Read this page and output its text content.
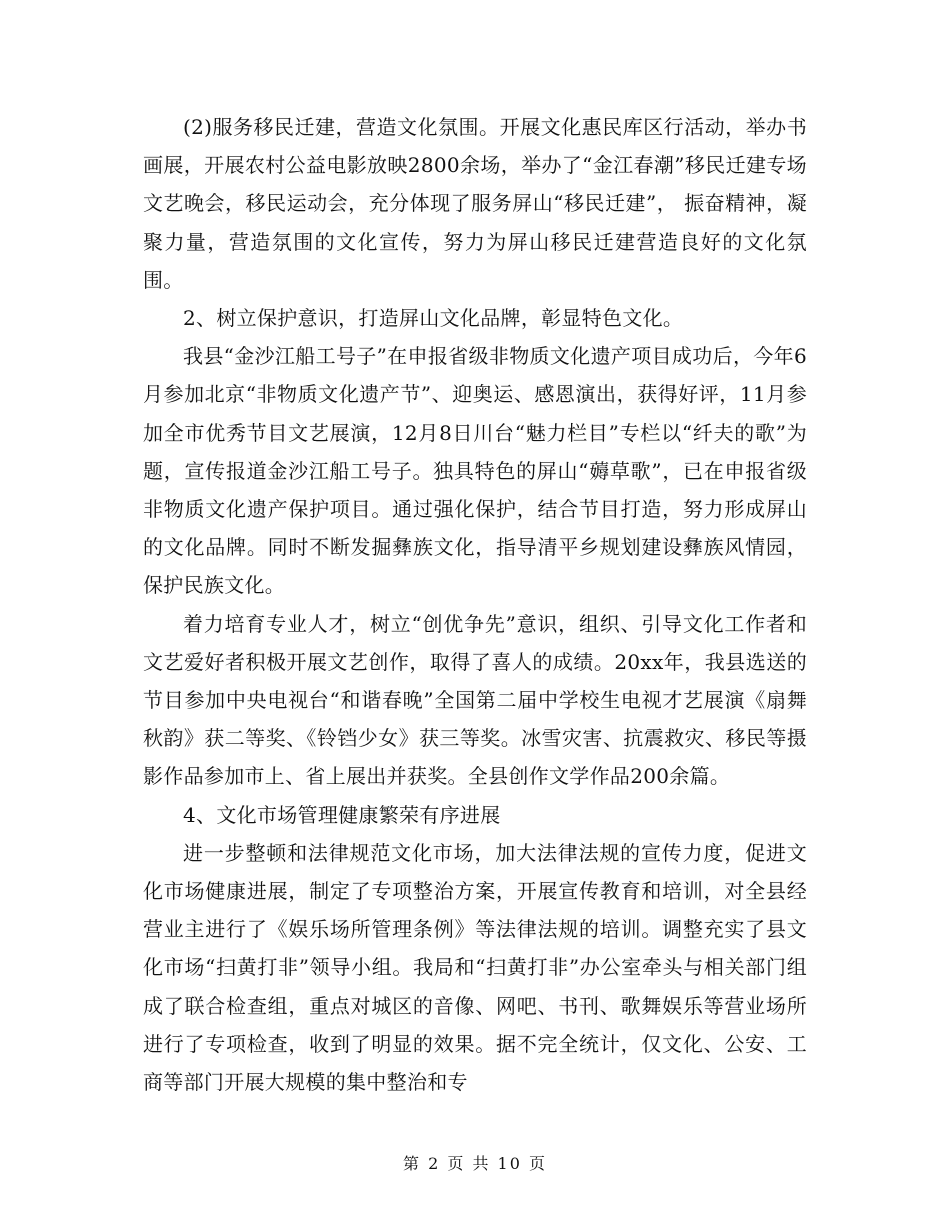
(2)服务移民迁建，营造文化氛围。开展文化惠民库区行活动，举办书画展，开展农村公益电影放映2800余场，举办了“金江春潮”移民迁建专场文艺晚会，移民运动会，充分体现了服务屏山“移民迁建”， 振奋精神，凝聚力量，营造氛围的文化宣传，努力为屏山移民迁建营造良好的文化氛围。

2、树立保护意识，打造屏山文化品牌，彰显特色文化。

我县“金沙江船工号子”在申报省级非物质文化遗产项目成功后，今年6月参加北京“非物质文化遗产节”、迎奥运、感恩演出，获得好评，11月参加全市优秀节目文艺展演，12月8日川台“魅力栏目”专栏以“纤夫的歌”为题，宣传报道金沙江船工号子。独具特色的屏山“薅草歌”，已在申报省级非物质文化遗产保护项目。通过强化保护，结合节目打造，努力形成屏山的文化品牌。同时不断发掘彝族文化，指导清平乡规划建设彝族风情园，保护民族文化。

着力培育专业人才，树立“创优争先”意识，组织、引导文化工作者和文艺爱好者积极开展文艺创作，取得了喜人的成绩。20xx年，我县选送的节目参加中央电视台“和谐春晚”全国第二届中学校生电视才艺展演《扇舞秋韵》获二等奖、《铃铛少女》获三等奖。冰雪灾害、抗震救灾、移民等摄影作品参加市上、省上展出并获奖。全县创作文学作品200余篇。

4、文化市场管理健康繁荣有序进展

进一步整顿和法律规范文化市场，加大法律法规的宣传力度，促进文化市场健康进展，制定了专项整治方案，开展宣传教育和培训，对全县经营业主进行了《娱乐场所管理条例》等法律法规的培训。调整充实了县文化市场“扫黄打非”领导小组。我局和“扫黄打非”办公室牵头与相关部门组成了联合检查组，重点对城区的音像、网吧、书刊、歌舞娱乐等营业场所进行了专项检查，收到了明显的效果。据不完全统计，仅文化、公安、工商等部门开展大规模的集中整治和专

第 2 页 共 10 页
